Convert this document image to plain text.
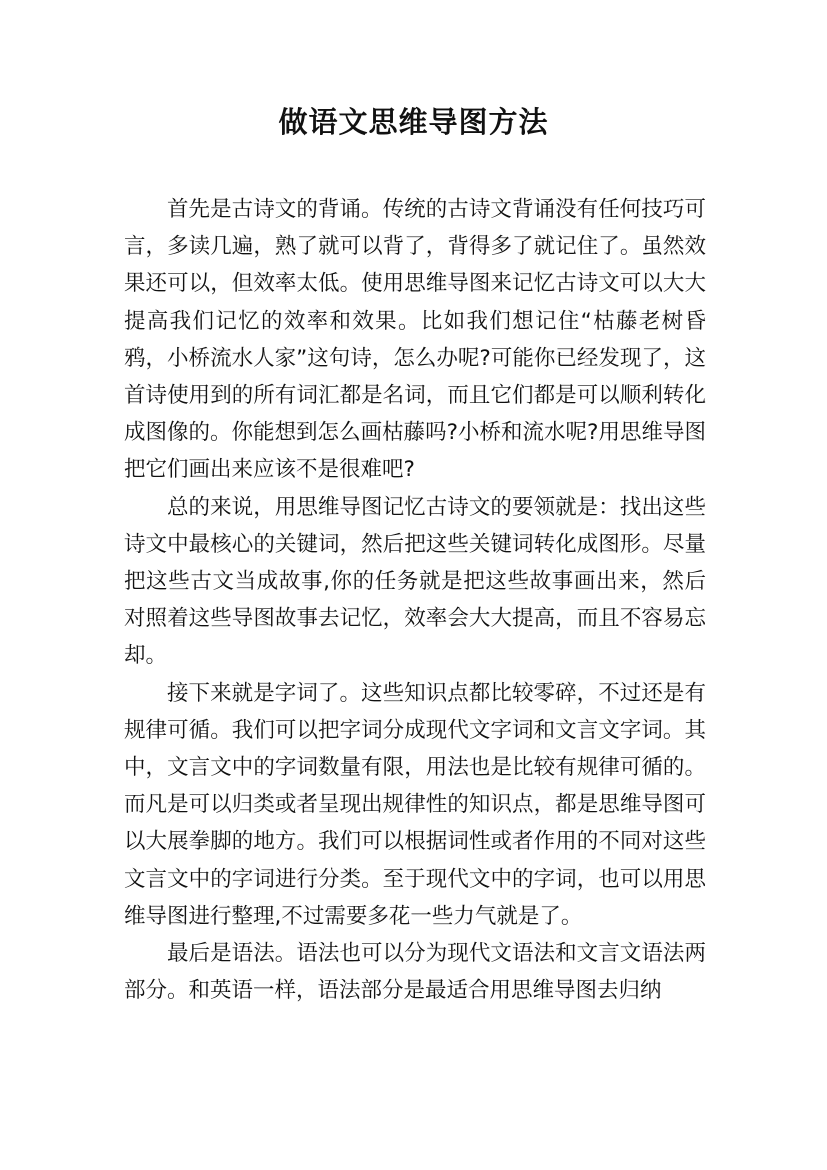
做语文思维导图方法

首先是古诗文的背诵。传统的古诗文背诵没有任何技巧可言，多读几遍，熟了就可以背了，背得多了就记住了。虽然效果还可以，但效率太低。使用思维导图来记忆古诗文可以大大提高我们记忆的效率和效果。比如我们想记住“枯藤老树昏鸦，小桥流水人家”这句诗，怎么办呢?可能你已经发现了，这首诗使用到的所有词汇都是名词，而且它们都是可以顺利转化成图像的。你能想到怎么画枯藤吗?小桥和流水呢?用思维导图把它们画出来应该不是很难吧?

总的来说，用思维导图记忆古诗文的要领就是：找出这些诗文中最核心的关键词，然后把这些关键词转化成图形。尽量把这些古文当成故事,你的任务就是把这些故事画出来，然后对照着这些导图故事去记忆，效率会大大提高，而且不容易忘却。

接下来就是字词了。这些知识点都比较零碎，不过还是有规律可循。我们可以把字词分成现代文字词和文言文字词。其中，文言文中的字词数量有限，用法也是比较有规律可循的。而凡是可以归类或者呈现出规律性的知识点，都是思维导图可以大展拳脚的地方。我们可以根据词性或者作用的不同对这些文言文中的字词进行分类。至于现代文中的字词，也可以用思维导图进行整理,不过需要多花一些力气就是了。

最后是语法。语法也可以分为现代文语法和文言文语法两部分。和英语一样，语法部分是最适合用思维导图去归纳
